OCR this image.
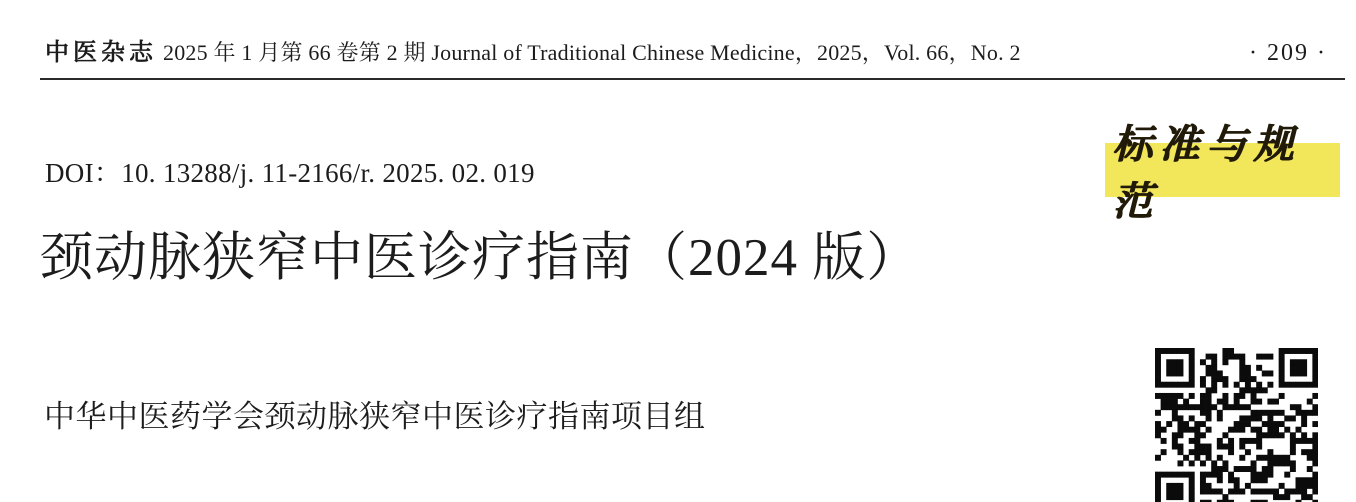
中医杂志 2025 年 1 月第 66 卷第 2 期 Journal of Traditional Chinese Medicine，2025，Vol. 66，No. 2	· 209 ·
DOI：10. 13288/j. 11-2166/r. 2025. 02. 019
标准与规范
颈动脉狭窄中医诊疗指南（2024 版）
中华中医药学会颈动脉狭窄中医诊疗指南项目组
